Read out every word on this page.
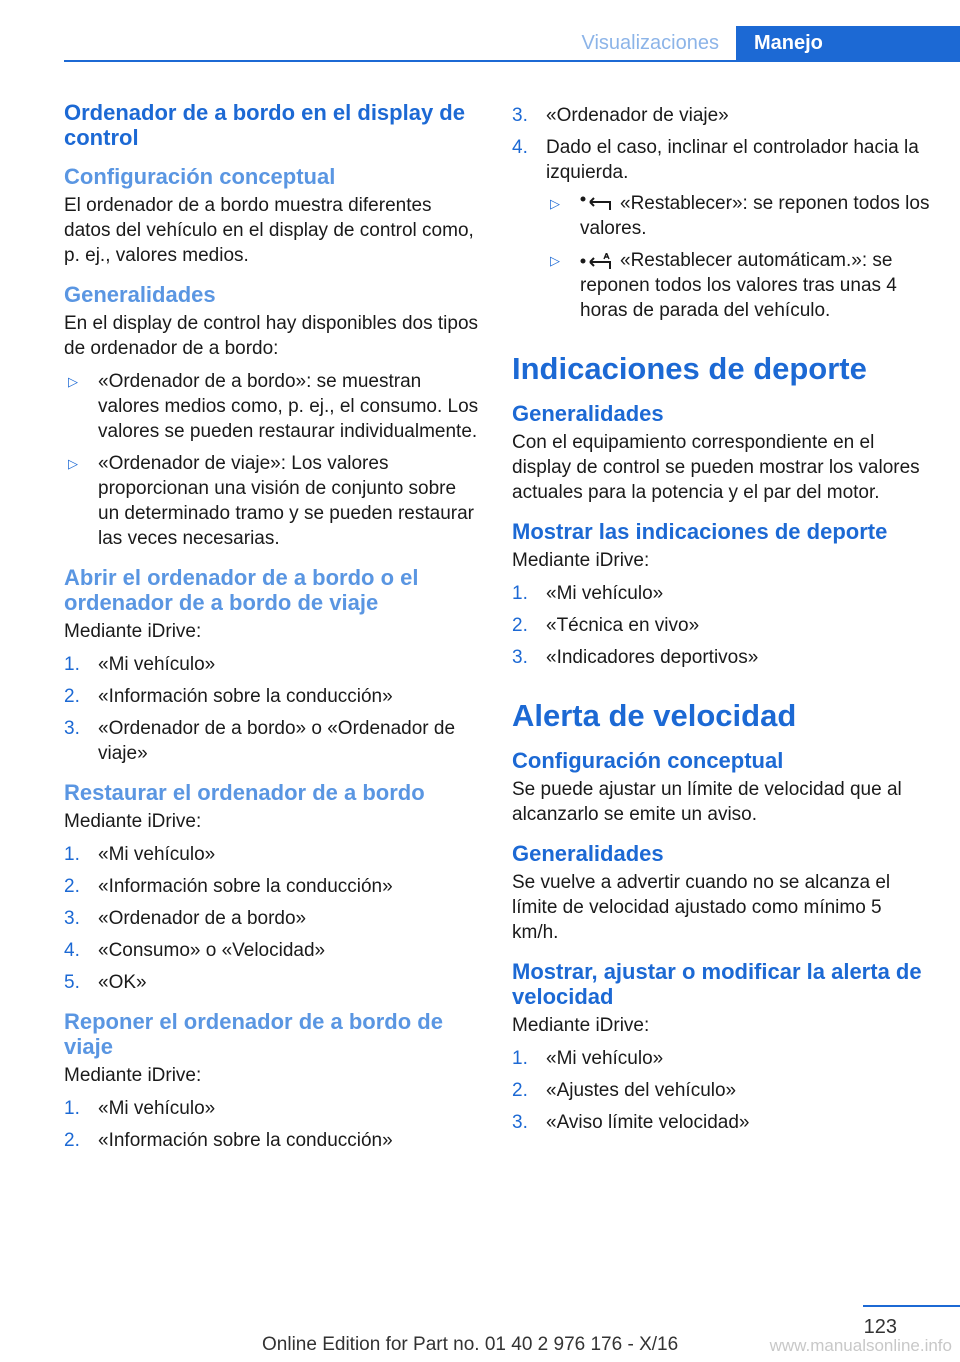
Visualizaciones	Manejo
Ordenador de a bordo en el display de control
Configuración conceptual
El ordenador de a bordo muestra diferentes datos del vehículo en el display de control como, p. ej., valores medios.
Generalidades
En el display de control hay disponibles dos tipos de ordenador de a bordo:
▷ «Ordenador de a bordo»: se muestran valores medios como, p. ej., el consumo. Los valores se pueden restaurar individualmente.
▷ «Ordenador de viaje»: Los valores proporcionan una visión de conjunto sobre un determinado tramo y se pueden restaurar las veces necesarias.
Abrir el ordenador de a bordo o el ordenador de a bordo de viaje
Mediante iDrive:
1. «Mi vehículo»
2. «Información sobre la conducción»
3. «Ordenador de a bordo» o «Ordenador de viaje»
Restaurar el ordenador de a bordo
Mediante iDrive:
1. «Mi vehículo»
2. «Información sobre la conducción»
3. «Ordenador de a bordo»
4. «Consumo» o «Velocidad»
5. «OK»
Reponer el ordenador de a bordo de viaje
Mediante iDrive:
1. «Mi vehículo»
2. «Información sobre la conducción»
3. «Ordenador de viaje»
4. Dado el caso, inclinar el controlador hacia la izquierda.
▷	«Restablecer»: se reponen todos los valores.
▷	«Restablecer automáticam.»: se reponen todos los valores tras unas 4 horas de parada del vehículo.
Indicaciones de deporte
Generalidades
Con el equipamiento correspondiente en el display de control se pueden mostrar los valores actuales para la potencia y el par del motor.
Mostrar las indicaciones de deporte
Mediante iDrive:
1. «Mi vehículo»
2. «Técnica en vivo»
3. «Indicadores deportivos»
Alerta de velocidad
Configuración conceptual
Se puede ajustar un límite de velocidad que al alcanzarlo se emite un aviso.
Generalidades
Se vuelve a advertir cuando no se alcanza el límite de velocidad ajustado como mínimo 5 km/h.
Mostrar, ajustar o modificar la alerta de velocidad
Mediante iDrive:
1. «Mi vehículo»
2. «Ajustes del vehículo»
3. «Aviso límite velocidad»
123
Online Edition for Part no. 01 40 2 976 176 - X/16	www.manualsonline.info
